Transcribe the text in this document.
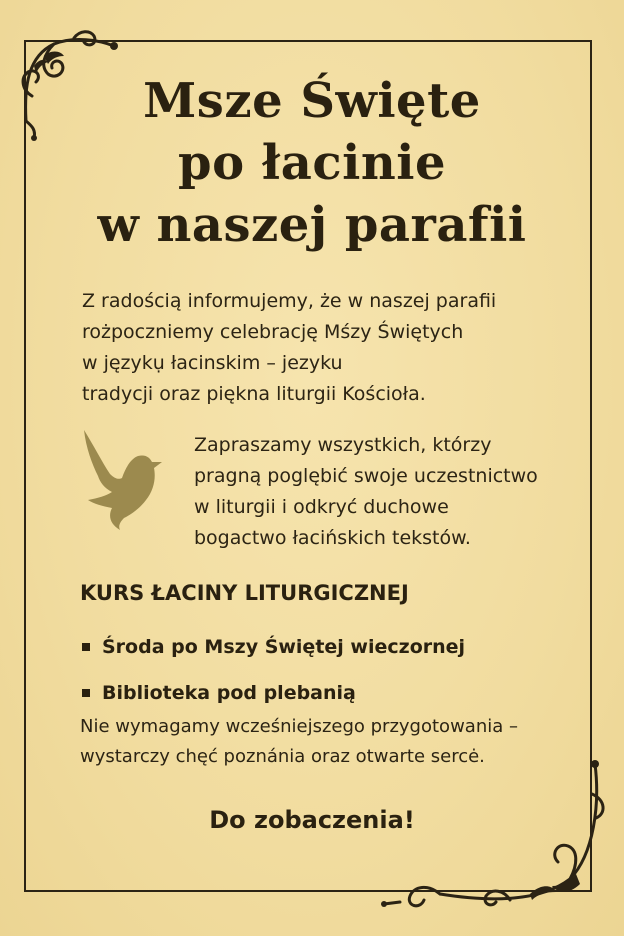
Msze Święte
po łacinie
w naszej parafii
Z radością informujemy, że w naszej parafii
rożpoczniemy celebrację Mśzy Świętych
w językụ łacinskim – jezyku
tradycji oraz piękna liturgii Kościoła.
Zapraszamy wszystkich, którzy
pragną poglębić swoje uczestnictwo
w liturgii i odkryć duchowe
bogactwo łacińskich tekstów.
KURS ŁACINY LITURGICZNEJ
Środa po Mszy Świętej wieczornej
Biblioteka pod plebanią
Nie wymagamy wcześniejszego przygotowania –
wystarczy chęć poznánia oraz otwarte sercė.
Do zobaczenia!
